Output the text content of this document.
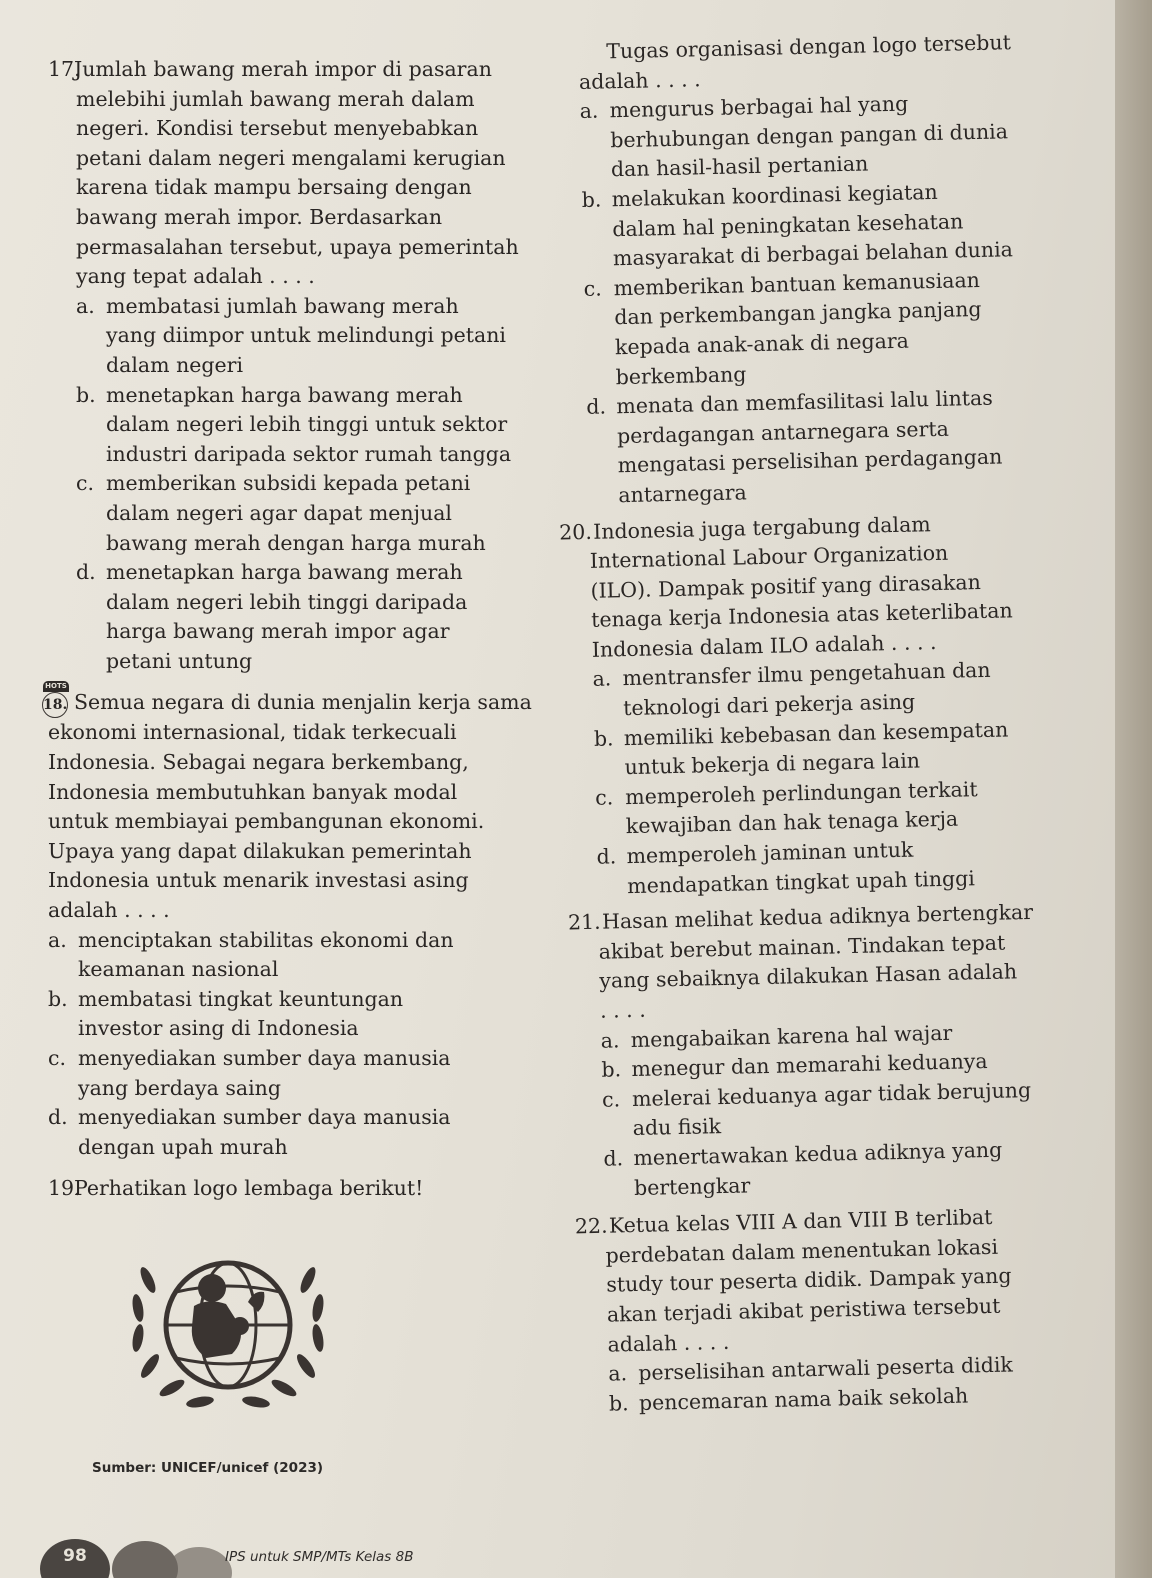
17.Jumlah bawang merah impor di pasaran
melebihi jumlah bawang merah dalam
negeri. Kondisi tersebut menyebabkan
petani dalam negeri mengalami kerugian
karena tidak mampu bersaing dengan
bawang merah impor. Berdasarkan
permasalahan tersebut, upaya pemerintah
yang tepat adalah . . . .
a. membatasi jumlah bawang merah
yang diimpor untuk melindungi petani
dalam negeri
b. menetapkan harga bawang merah
dalam negeri lebih tinggi untuk sektor
industri daripada sektor rumah tangga
c. memberikan subsidi kepada petani
dalam negeri agar dapat menjual
bawang merah dengan harga murah
d. menetapkan harga bawang merah
dalam negeri lebih tinggi daripada
harga bawang merah impor agar
petani untung
HOTS
18. Semua negara di dunia menjalin kerja sama
ekonomi internasional, tidak terkecuali
Indonesia. Sebagai negara berkembang,
Indonesia membutuhkan banyak modal
untuk membiayai pembangunan ekonomi.
Upaya yang dapat dilakukan pemerintah
Indonesia untuk menarik investasi asing
adalah . . . .
a. menciptakan stabilitas ekonomi dan
keamanan nasional
b. membatasi tingkat keuntungan
investor asing di Indonesia
c. menyediakan sumber daya manusia
yang berdaya saing
d. menyediakan sumber daya manusia
dengan upah murah
19.Perhatikan logo lembaga berikut!
Sumber: UNICEF/unicef (2023)
Tugas organisasi dengan logo tersebut
adalah . . . .
a. mengurus berbagai hal yang
berhubungan dengan pangan di dunia
dan hasil-hasil pertanian
b. melakukan koordinasi kegiatan
dalam hal peningkatan kesehatan
masyarakat di berbagai belahan dunia
c. memberikan bantuan kemanusiaan
dan perkembangan jangka panjang
kepada anak-anak di negara
berkembang
d. menata dan memfasilitasi lalu lintas
perdagangan antarnegara serta
mengatasi perselisihan perdagangan
antarnegara
20.Indonesia juga tergabung dalam
International Labour Organization
(ILO). Dampak positif yang dirasakan
tenaga kerja Indonesia atas keterlibatan
Indonesia dalam ILO adalah . . . .
a. mentransfer ilmu pengetahuan dan
teknologi dari pekerja asing
b. memiliki kebebasan dan kesempatan
untuk bekerja di negara lain
c. memperoleh perlindungan terkait
kewajiban dan hak tenaga kerja
d. memperoleh jaminan untuk
mendapatkan tingkat upah tinggi
21.Hasan melihat kedua adiknya bertengkar
akibat berebut mainan. Tindakan tepat
yang sebaiknya dilakukan Hasan adalah
. . . .
a. mengabaikan karena hal wajar
b. menegur dan memarahi keduanya
c. melerai keduanya agar tidak berujung
adu fisik
d. menertawakan kedua adiknya yang
bertengkar
22.Ketua kelas VIII A dan VIII B terlibat
perdebatan dalam menentukan lokasi
study tour peserta didik. Dampak yang
akan terjadi akibat peristiwa tersebut
adalah . . . .
a. perselisihan antarwali peserta didik
b. pencemaran nama baik sekolah
98	IPS untuk SMP/MTs Kelas 8B
